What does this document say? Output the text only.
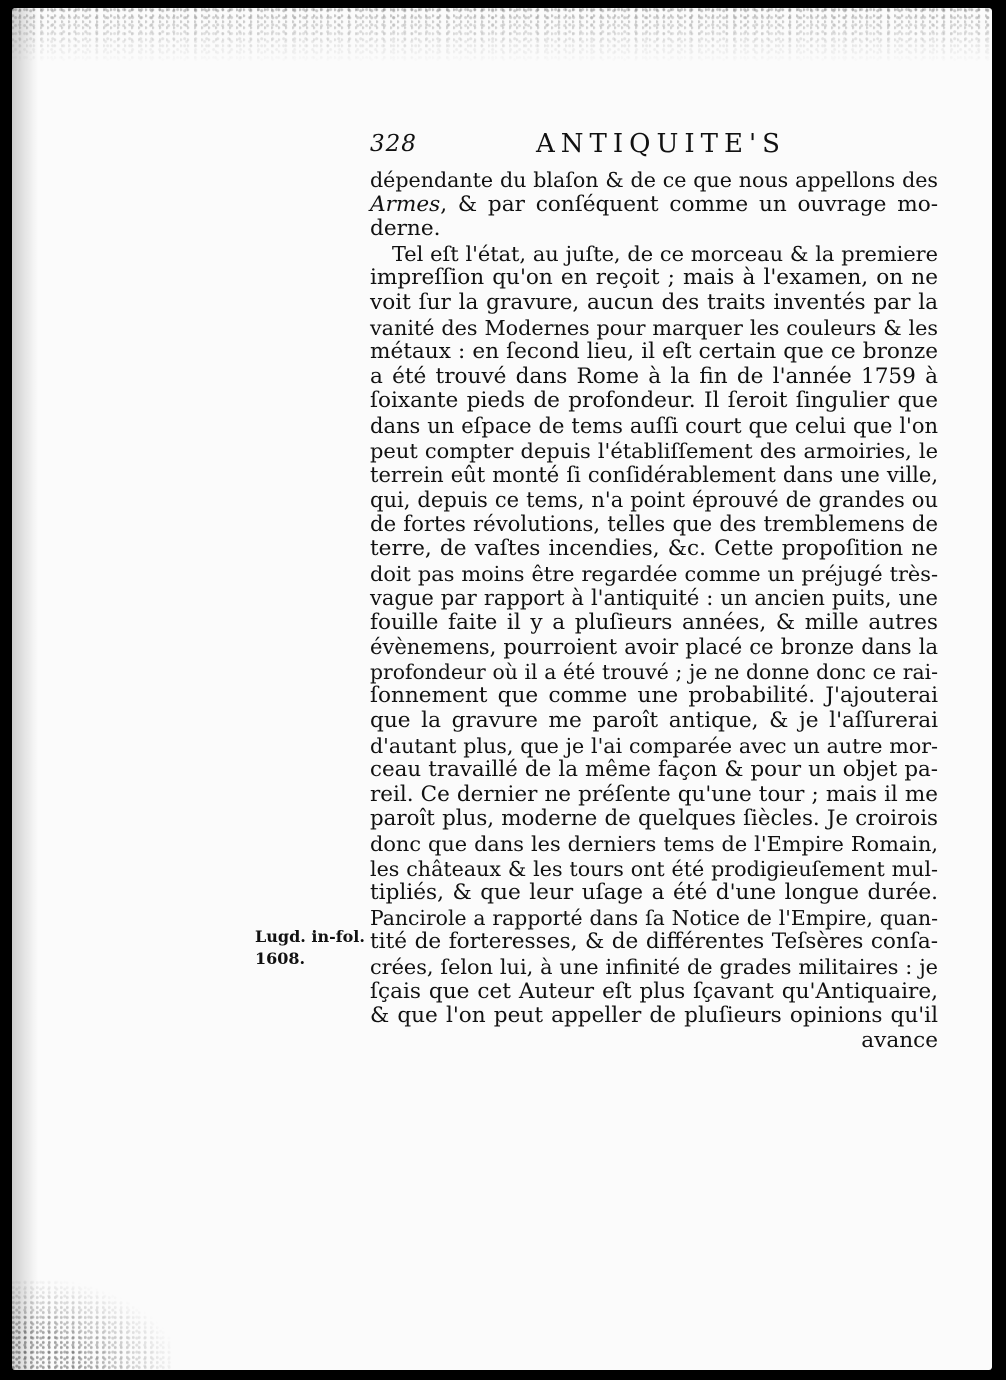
328	ANTIQUITE'S
Lugd. in-fol.
1608.
dépendante du blaſon & de ce que nous appellons des
Armes, & par conſéquent comme un ouvrage mo-
derne.
Tel eſt l'état, au juſte, de ce morceau & la premiere
impreſſion qu'on en reçoit ; mais à l'examen, on ne
voit ſur la gravure, aucun des traits inventés par la
vanité des Modernes pour marquer les couleurs & les
métaux : en ſecond lieu, il eſt certain que ce bronze
a été trouvé dans Rome à la fin de l'année 1759 à
ſoixante pieds de profondeur. Il ſeroit ſingulier que
dans un eſpace de tems auſſi court que celui que l'on
peut compter depuis l'établiſſement des armoiries, le
terrein eût monté ſi conſidérablement dans une ville,
qui, depuis ce tems, n'a point éprouvé de grandes ou
de fortes révolutions, telles que des tremblemens de
terre, de vaſtes incendies, &c. Cette propoſition ne
doit pas moins être regardée comme un préjugé très-
vague par rapport à l'antiquité : un ancien puits, une
fouille faite il y a pluſieurs années, & mille autres
évènemens, pourroient avoir placé ce bronze dans la
profondeur où il a été trouvé ; je ne donne donc ce rai-
ſonnement que comme une probabilité. J'ajouterai
que la gravure me paroît antique, & je l'aſſurerai
d'autant plus, que je l'ai comparée avec un autre mor-
ceau travaillé de la même façon & pour un objet pa-
reil. Ce dernier ne préſente qu'une tour ; mais il me
paroît plus, moderne de quelques ſiècles. Je croirois
donc que dans les derniers tems de l'Empire Romain,
les châteaux & les tours ont été prodigieuſement mul-
tipliés, & que leur uſage a été d'une longue durée.
Pancirole a rapporté dans ſa Notice de l'Empire, quan-
tité de forteresses, & de différentes Teſsères conſa-
crées, ſelon lui, à une infinité de grades militaires : je
ſçais que cet Auteur eſt plus ſçavant qu'Antiquaire,
& que l'on peut appeller de pluſieurs opinions qu'il
avance
